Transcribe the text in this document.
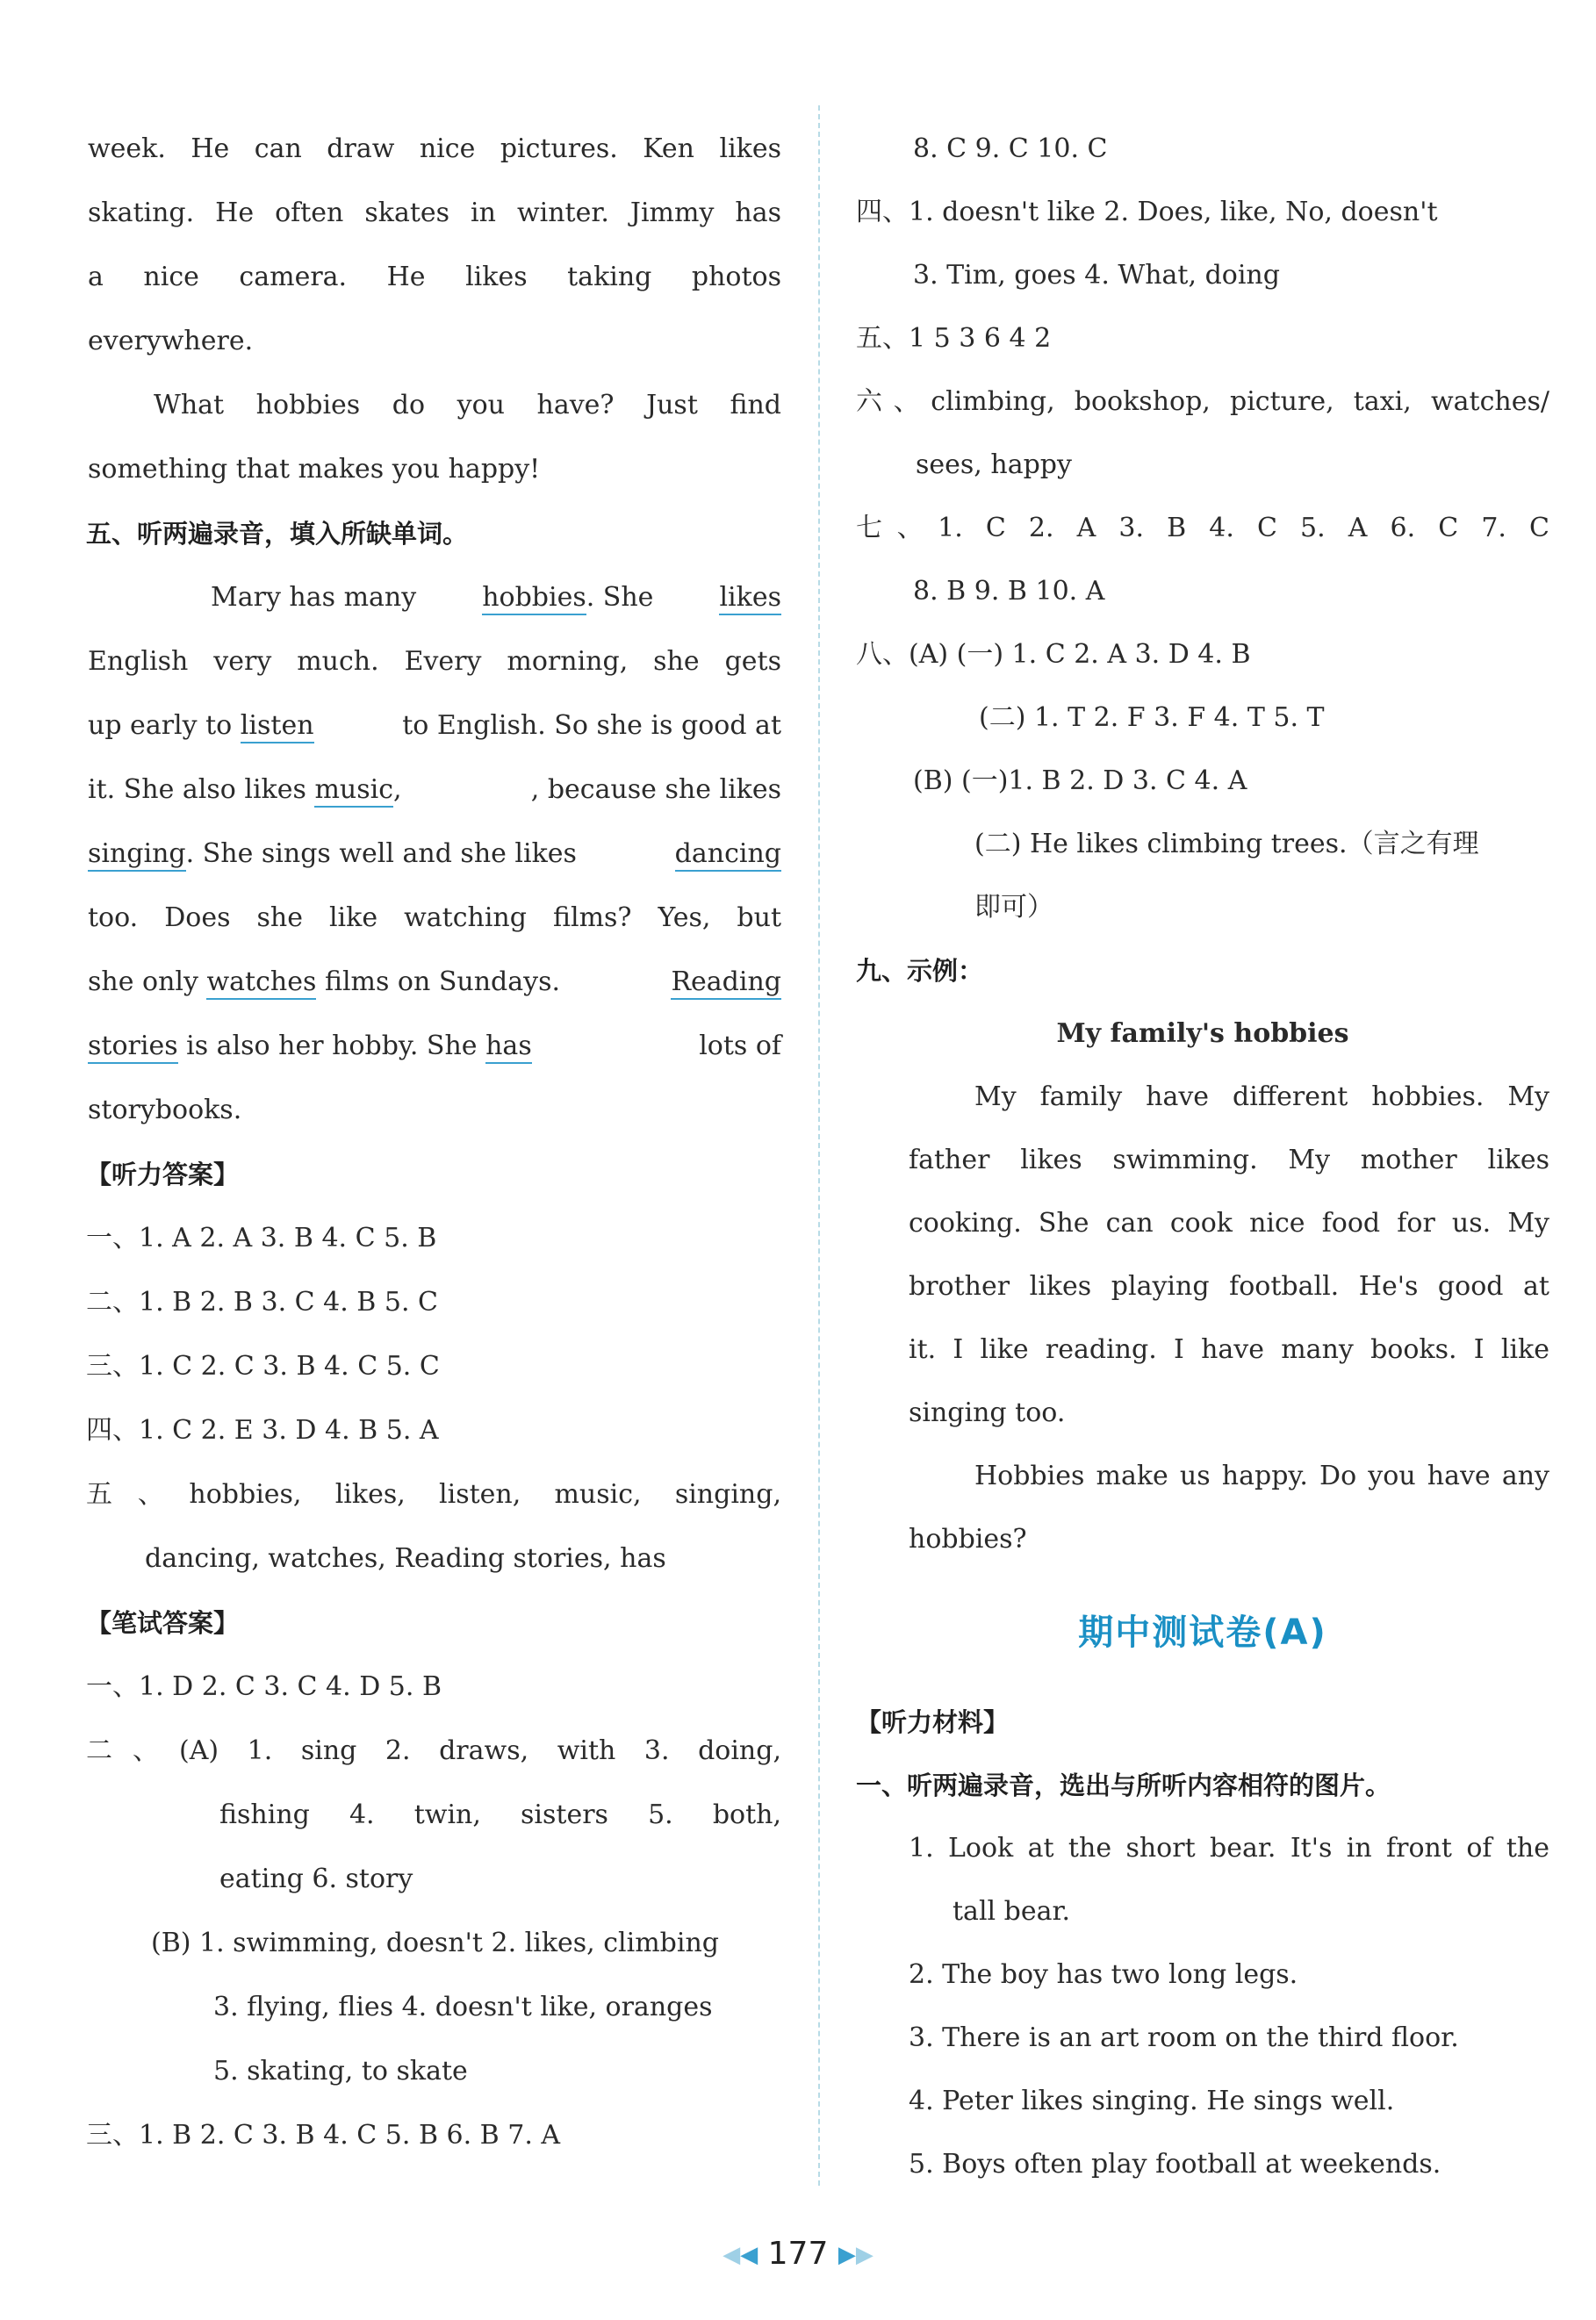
week. He can draw nice pictures. Ken likes
skating. He often skates in winter. Jimmy has
a nice camera. He likes taking photos
everywhere.
What hobbies do you have? Just find
something that makes you happy!
五、听两遍录音，填入所缺单词。
Mary has many	hobbies. She	likes
English very much. Every morning, she gets
up early to listen	to English. So she is good at
it. She also likes music,	, because she likes
singing. She sings well and she likes	dancing
too. Does she like watching films? Yes, but
she only watches films on Sundays.	Reading
stories is also her hobby. She has	lots of
storybooks.
【听力答案】
一、1. A 2. A 3. B 4. C 5. B
二、1. B 2. B 3. C 4. B 5. C
三、1. C 2. C 3. B 4. C 5. C
四、1. C 2. E 3. D 4. B 5. A
五、hobbies, likes, listen, music, singing,
dancing, watches, Reading stories, has
【笔试答案】
一、1. D 2. C 3. C 4. D 5. B
二、(A) 1. sing 2. draws, with 3. doing,
fishing 4. twin, sisters 5. both,
eating 6. story
(B) 1. swimming, doesn't 2. likes, climbing
3. flying, flies 4. doesn't like, oranges
5. skating, to skate
三、1. B 2. C 3. B 4. C 5. B 6. B 7. A
8. C 9. C 10. C
四、1. doesn't like 2. Does, like, No, doesn't
3. Tim, goes 4. What, doing
五、1 5 3 6 4 2
六、climbing, bookshop, picture, taxi, watches/
sees, happy
七、1. C 2. A 3. B 4. C 5. A 6. C 7. C
8. B 9. B 10. A
八、(A) (一) 1. C 2. A 3. D 4. B
(二) 1. T 2. F 3. F 4. T 5. T
(B) (一)1. B 2. D 3. C 4. A
(二) He likes climbing trees.（言之有理
即可）
九、示例：
My family's hobbies
My family have different hobbies. My
father likes swimming. My mother likes
cooking. She can cook nice food for us. My
brother likes playing football. He's good at
it. I like reading. I have many books. I like
singing too.
Hobbies make us happy. Do you have any
hobbies?
期中测试卷(A)
【听力材料】
一、听两遍录音，选出与所听内容相符的图片。
1. Look at the short bear. It's in front of the
tall bear.
2. The boy has two long legs.
3. There is an art room on the third floor.
4. Peter likes singing. He sings well.
5. Boys often play football at weekends.
◀◀ 177 ▶▶
